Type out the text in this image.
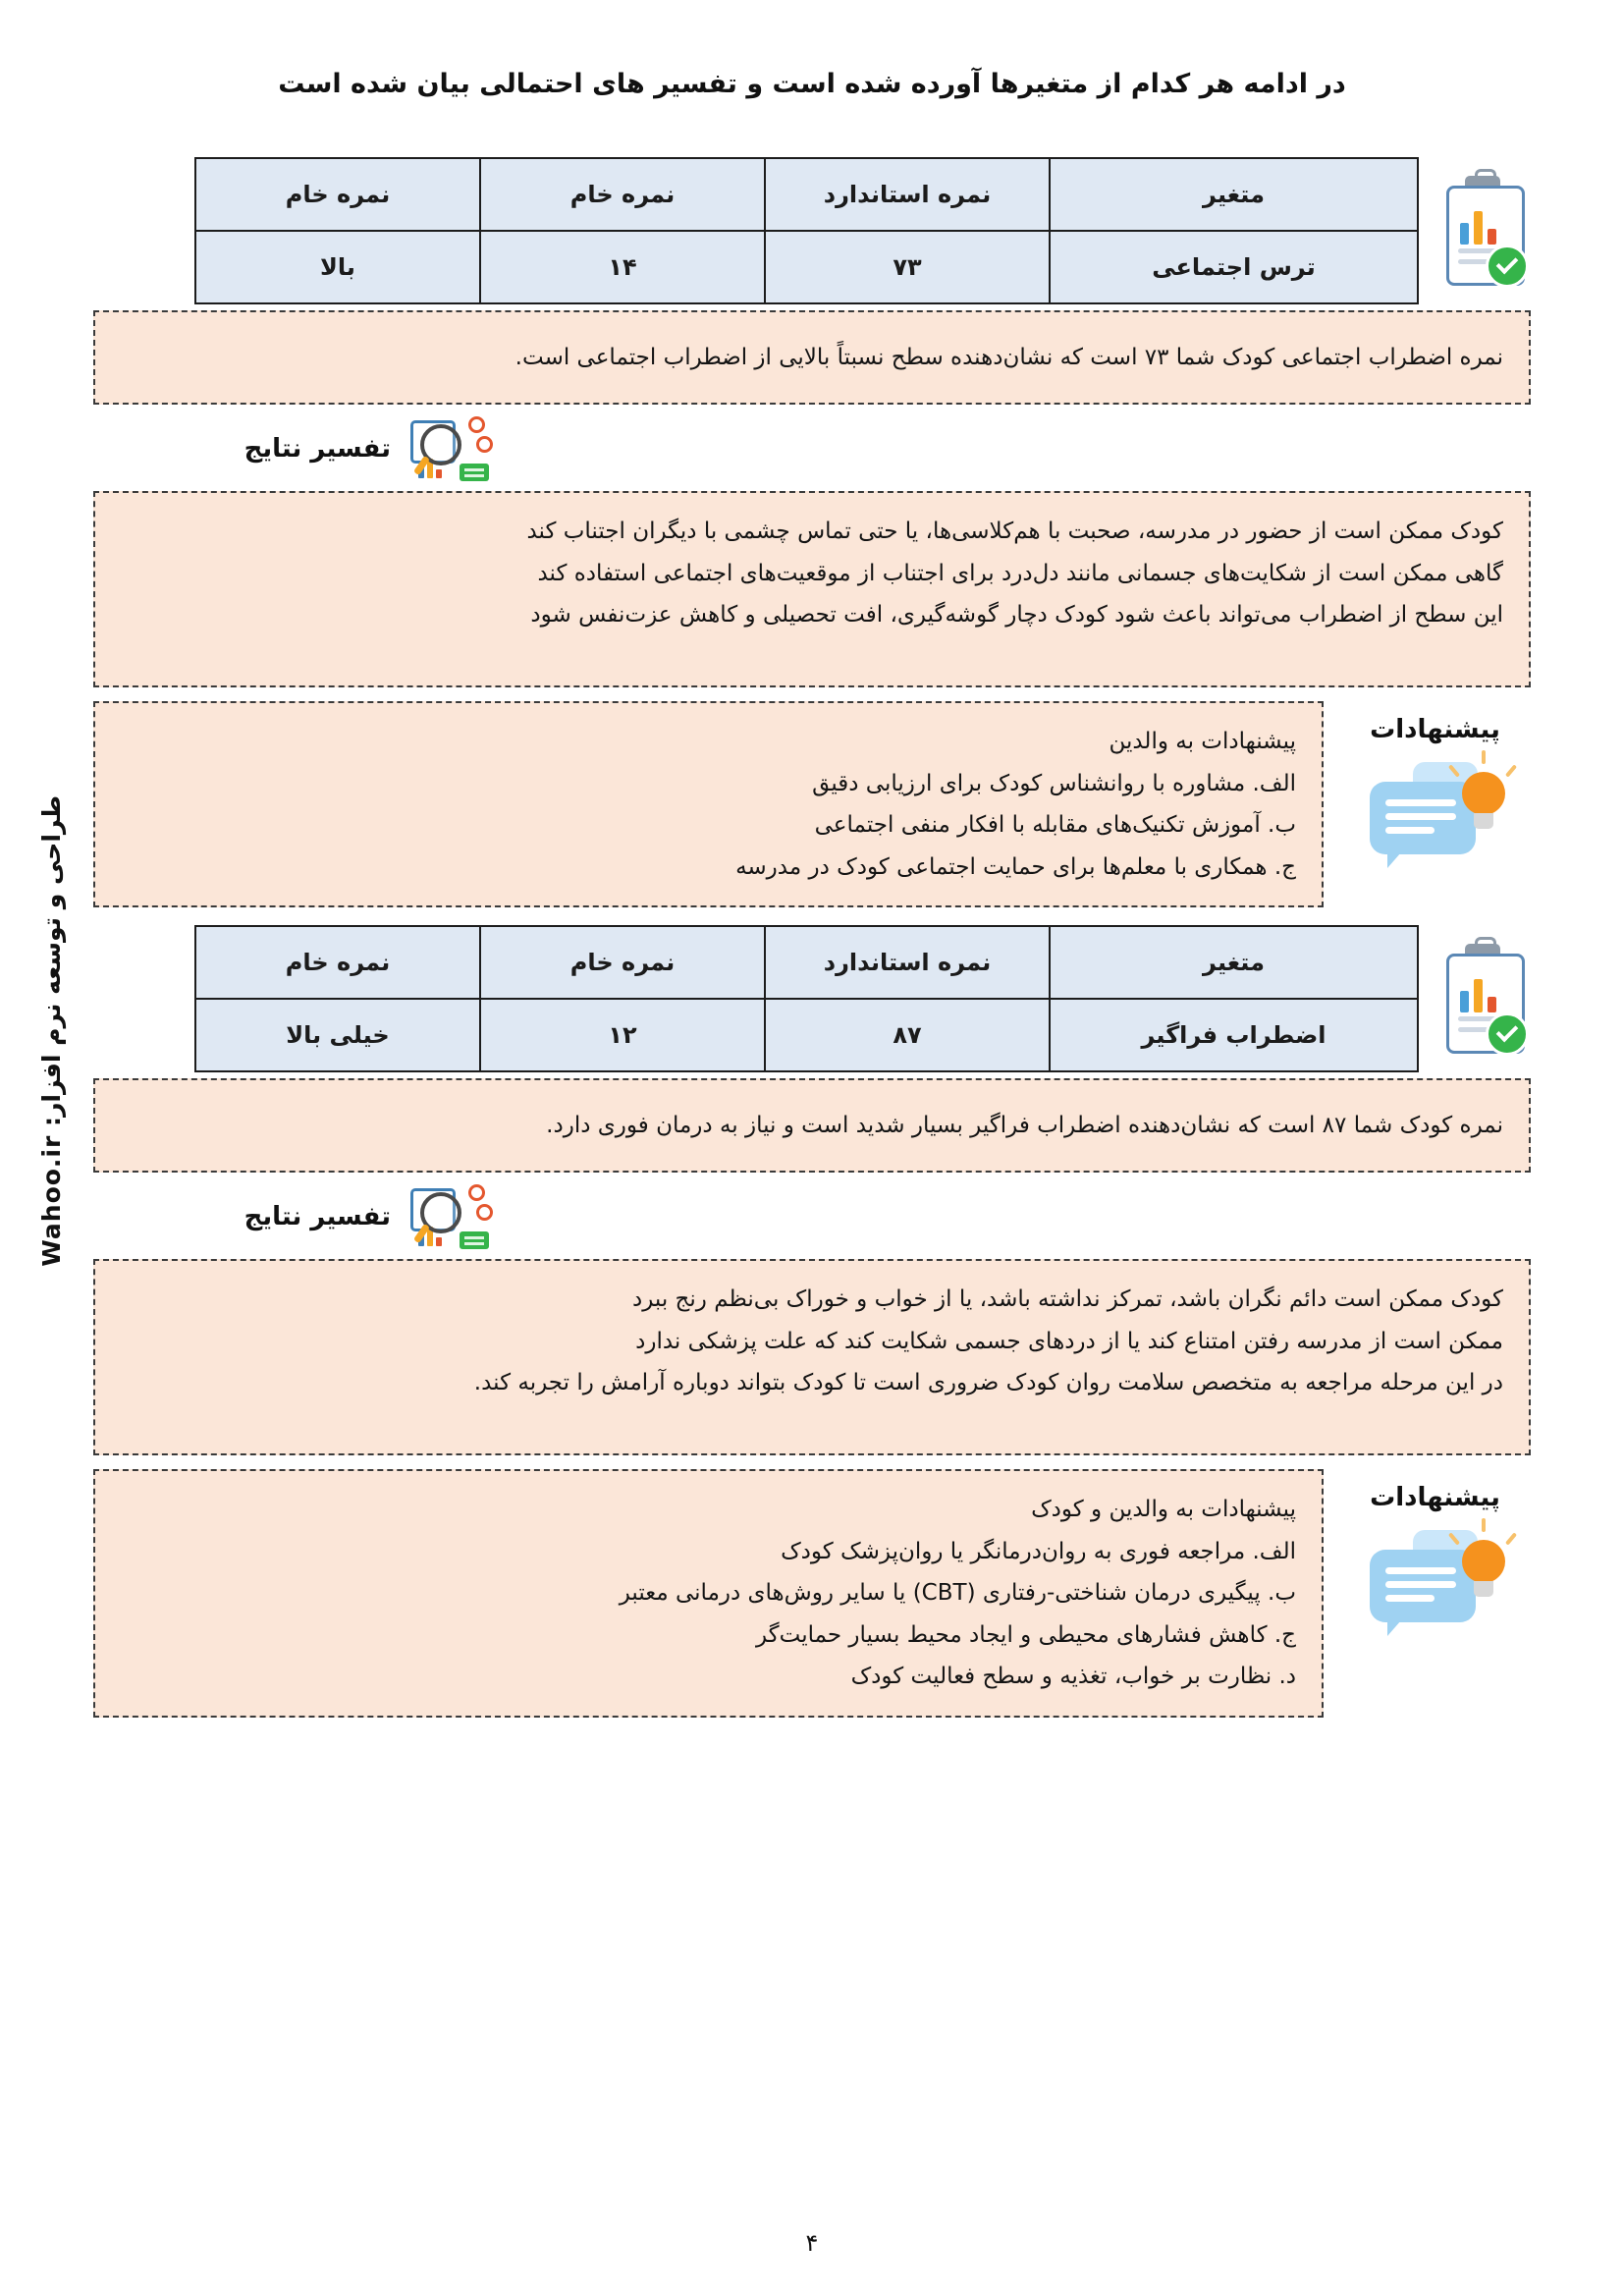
طراحی و توسعه نرم افزار: Wahoo.ir
در ادامه هر کدام از متغیرها آورده شده است و تفسیر های احتمالی بیان شده است
متغیر	نمره استاندارد	نمره خام	نمره خام
ترس اجتماعی	۷۳	۱۴	بالا
نمره اضطراب اجتماعی کودک شما ۷۳ است که نشان‌دهنده سطح نسبتاً بالایی از اضطراب اجتماعی است.
تفسیر نتایج

کودک ممکن است از حضور در مدرسه، صحبت با هم‌کلاسی‌ها، یا حتی تماس چشمی با دیگران اجتناب کند

گاهی ممکن است از شکایت‌های جسمانی مانند دل‌درد برای اجتناب از موقعیت‌های اجتماعی استفاده کند

این سطح از اضطراب می‌تواند باعث شود کودک دچار گوشه‌گیری، افت تحصیلی و کاهش عزت‌نفس شود

پیشنهادات

پیشنهادات به والدین

الف. مشاوره با روانشناس کودک برای ارزیابی دقیق

ب. آموزش تکنیک‌های مقابله با افکار منفی اجتماعی

ج. همکاری با معلم‌ها برای حمایت اجتماعی کودک در مدرسه

متغیر	نمره استاندارد	نمره خام	نمره خام
اضطراب فراگیر	۸۷	۱۲	خیلی بالا
نمره کودک شما ۸۷ است که نشان‌دهنده اضطراب فراگیر بسیار شدید است و نیاز به درمان فوری دارد.
تفسیر نتایج

کودک ممکن است دائم نگران باشد، تمرکز نداشته باشد، یا از خواب و خوراک بی‌نظم رنج ببرد

ممکن است از مدرسه رفتن امتناع کند یا از دردهای جسمی شکایت کند که علت پزشکی ندارد

در این مرحله مراجعه به متخصص سلامت روان کودک ضروری است تا کودک بتواند دوباره آرامش را تجربه کند.

پیشنهادات

پیشنهادات به والدین و کودک

الف. مراجعه فوری به روان‌درمانگر یا روان‌پزشک کودک

ب. پیگیری درمان شناختی-رفتاری (CBT) یا سایر روش‌های درمانی معتبر

ج. کاهش فشارهای محیطی و ایجاد محیط بسیار حمایت‌گر

د. نظارت بر خواب، تغذیه و سطح فعالیت کودک

۴
